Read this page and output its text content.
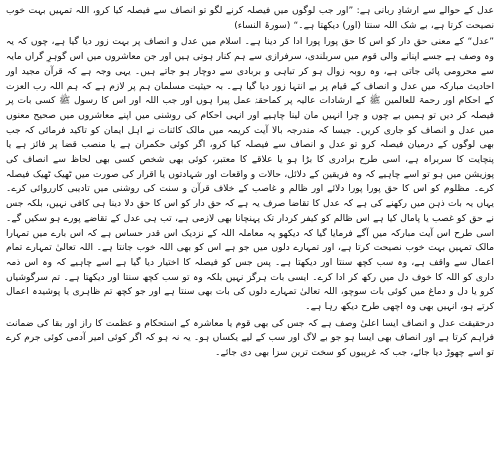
عدل کے حوالے سے ارشادِ ربانی ہے: ”اور جب لوگوں میں فیصلہ کرنے لگو تو انصاف سے فیصلہ کیا کرو، اللہ تمہیں بہت خوب نصیحت کرتا ہے، بے شک اللہ سنتا (اور) دیکھتا ہے۔“ (سورۃ النساء)

”عدل“ کے معنی حق دار کو اس کا حق پورا پورا ادا کر دینا ہے۔ اسلام میں عدل و انصاف پر بہت زور دیا گیا ہے، چوں کہ یہ وہ وصف ہے جسے اپنانے والی قوم میں سربلندی، سرفرازی سے ہم کنار ہوتی ہیں اور جن معاشروں میں اس گوہرِ گراں مایہ سے محرومی پائی جاتی ہے، وہ روبہ زوال ہو کر تباہی و بربادی سے دوچار ہو جاتے ہیں۔ یہی وجہ ہے کہ قرآن مجید اور احادیث مبارکہ میں عدل و انصاف کے قیام پر بے انتہا زور دیا گیا ہے۔ بہ حیثیت مسلمان ہم پر لازم ہے کہ ہم اللہ رب العزت کے احکام اور رحمۃ للعالمین ﷺ کے ارشادات عالیہ پر کماحقہٗ عمل پیرا ہوں اور جب اللہ اور اس کا رسول ﷺ کسی بات پر فیصلہ کر دیں تو ہمیں بے چوں و چرا انہیں مان لینا چاہیے اور انہی احکام کی روشنی میں اپنے معاشروں میں صحیح معنوں میں عدل و انصاف کو جاری کریں۔ جیسا کہ مندرجہ بالا آیت کریمہ میں مالک کائنات نے اہل ایمان کو تاکید فرمائی کہ جب بھی لوگوں کے درمیان فیصلہ کرو تو عدل و انصاف سے فیصلہ کیا کرو، اگر کوئی حکمران ہے یا منصب قضا پر فائز ہے یا پنچایت کا سربراہ ہے، اسی طرح برادری کا بڑا ہو یا علاقے کا معتبر، کوئی بھی شخص کسی بھی لحاظ سے انصاف کی پوزیشن میں ہو تو اسے چاہیے کہ وہ فریقین کے دلائل، حالات و واقعات اور شہادتوں یا اقرار کی صورت میں ٹھیک ٹھیک فیصلہ کرے۔ مظلوم کو اس کا حق پورا پورا دلائے اور ظالم و غاصب کے خلاف قرآن و سنت کی روشنی میں تادیبی کارروائی کرے۔ یہاں یہ بات ذہن میں رکھنے کی ہے کہ عدل کا تقاضا صرف یہ ہے کہ حق دار کو اس کا حق دلا دینا ہی کافی نہیں، بلکہ جس نے حق کو غصب یا پامال کیا ہے اس ظالم کو کیفر کردار تک پہنچانا بھی لازمی ہے، تب ہی عدل کے تقاضے پورے ہو سکیں گے۔ اسی طرح اس آیت مبارکہ میں آگے فرمایا گیا کہ دیکھو یہ معاملہ اللہ کے نزدیک اس قدر حساس ہے کہ اس بارے میں تمہارا مالک تمہیں بہت خوب نصیحت کرتا ہے، اور تمہارے دلوں میں جو ہے اس کو بھی اللہ خوب جانتا ہے۔ اللہ تعالیٰ تمہارے تمام اعمال سے واقف ہے، وہ سب کچھ سنتا اور دیکھتا ہے۔ پس جس کو فیصلہ کا اختیار دیا گیا ہے اسے چاہیے کہ وہ اس ذمہ داری کو اللہ کا خوف دل میں رکھ کر ادا کرے۔ ایسی بات ہرگز نہیں بلکہ وہ تو سب کچھ سنتا اور دیکھتا ہے۔ تم سرگوشیاں کرو یا دل و دماغ میں کوئی بات سوچو، اللہ تعالیٰ تمہارے دلوں کی بات بھی سنتا ہے اور جو کچھ تم ظاہری یا پوشیدہ اعمال کرتے ہو، انہیں بھی وہ اچھی طرح دیکھ رہا ہے۔

درحقیقت عدل و انصاف ایسا اعلیٰ وصف ہے کہ جس کی بھی قوم یا معاشرہ کے استحکام و عظمت کا راز اور بقا کی ضمانت فراہم کرتا ہے اور انصاف بھی ایسا ہو جو بے لاگ اور سب کے لیے یکساں ہو۔ یہ نہ ہو کہ اگر کوئی امیر آدمی کوئی جرم کرے تو اسے چھوڑ دیا جائے، جب کہ غریبوں کو سخت ترین سزا بھی دی جائے۔
